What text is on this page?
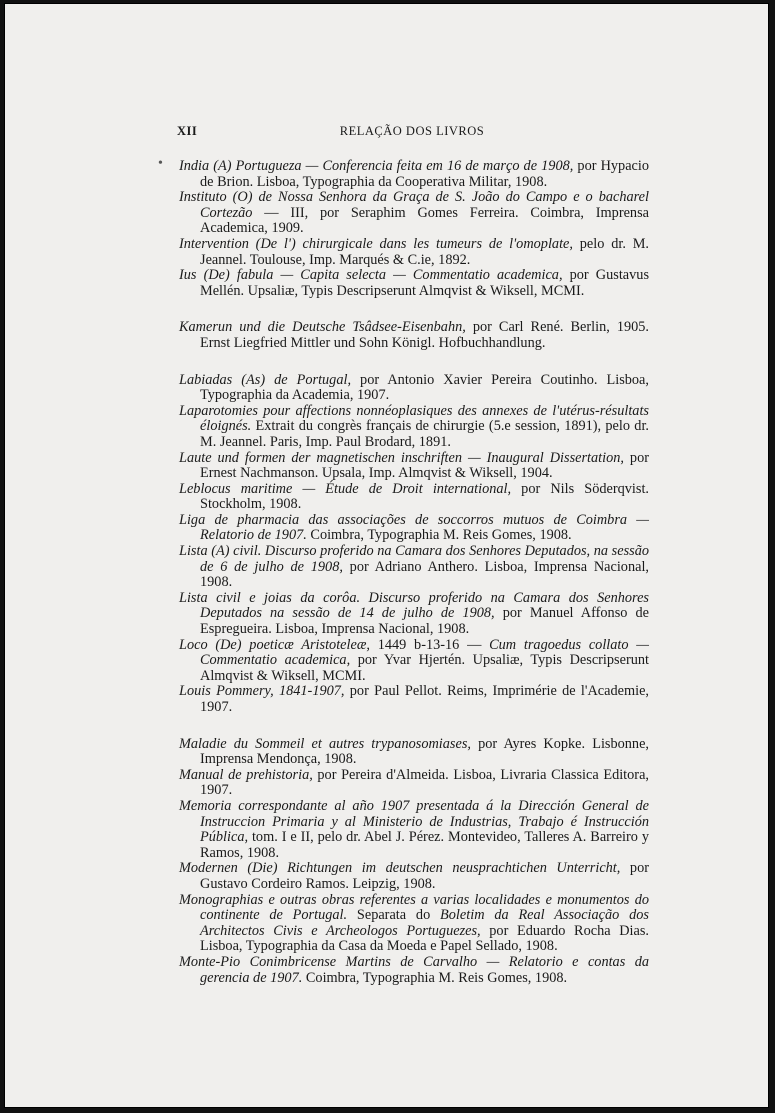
XII	RELAÇÃO DOS LIVROS
• India (A) Portugueza — Conferencia feita em 16 de março de 1908, por Hypacio de Brion. Lisboa, Typographia da Cooperativa Militar, 1908.

Instituto (O) de Nossa Senhora da Graça de S. João do Campo e o bacharel Cortezão — III, por Seraphim Gomes Ferreira. Coimbra, Imprensa Academica, 1909.

Intervention (De l') chirurgicale dans les tumeurs de l'omoplate, pelo dr. M. Jeannel. Toulouse, Imp. Marqués & C.ie, 1892.

Ius (De) fabula — Capita selecta — Commentatio academica, por Gustavus Mellén. Upsaliæ, Typis Descripserunt Almqvist & Wiksell, MCMI.

Kamerun und die Deutsche Tsâdsee-Eisenbahn, por Carl René. Berlin, 1905. Ernst Liegfried Mittler und Sohn Königl. Hofbuchhandlung.

Labiadas (As) de Portugal, por Antonio Xavier Pereira Coutinho. Lisboa, Typographia da Academia, 1907.

Laparotomies pour affections nonnéoplasiques des annexes de l'utérus-résultats éloignés. Extrait du congrès français de chirurgie (5.e session, 1891), pelo dr. M. Jeannel. Paris, Imp. Paul Brodard, 1891.

Laute und formen der magnetischen inschriften — Inaugural Dissertation, por Ernest Nachmanson. Upsala, Imp. Almqvist & Wiksell, 1904.

Leblocus maritime — Étude de Droit international, por Nils Söderqvist. Stockholm, 1908.

Liga de pharmacia das associações de soccorros mutuos de Coimbra — Relatorio de 1907. Coimbra, Typographia M. Reis Gomes, 1908.

Lista (A) civil. Discurso proferido na Camara dos Senhores Deputados, na sessão de 6 de julho de 1908, por Adriano Anthero. Lisboa, Imprensa Nacional, 1908.

Lista civil e joias da corôa. Discurso proferido na Camara dos Senhores Deputados na sessão de 14 de julho de 1908, por Manuel Affonso de Espregueira. Lisboa, Imprensa Nacional, 1908.

Loco (De) poeticæ Aristoteleæ, 1449 b-13-16 — Cum tragoedus collato — Commentatio academica, por Yvar Hjertén. Upsaliæ, Typis Descripserunt Almqvist & Wiksell, MCMI.

Louis Pommery, 1841-1907, por Paul Pellot. Reims, Imprimérie de l'Academie, 1907.

Maladie du Sommeil et autres trypanosomiases, por Ayres Kopke. Lisbonne, Imprensa Mendonça, 1908.

Manual de prehistoria, por Pereira d'Almeida. Lisboa, Livraria Classica Editora, 1907.

Memoria correspondante al año 1907 presentada á la Dirección General de Instruccion Primaria y al Ministerio de Industrias, Trabajo é Instrucción Pública, tom. I e II, pelo dr. Abel J. Pérez. Montevideo, Talleres A. Barreiro y Ramos, 1908.

Modernen (Die) Richtungen im deutschen neusprachtichen Unterricht, por Gustavo Cordeiro Ramos. Leipzig, 1908.

Monographias e outras obras referentes a varias localidades e monumentos do continente de Portugal. Separata do Boletim da Real Associação dos Architectos Civis e Archeologos Portuguezes, por Eduardo Rocha Dias. Lisboa, Typographia da Casa da Moeda e Papel Sellado, 1908.

Monte-Pio Conimbricense Martins de Carvalho — Relatorio e contas da gerencia de 1907. Coimbra, Typographia M. Reis Gomes, 1908.
